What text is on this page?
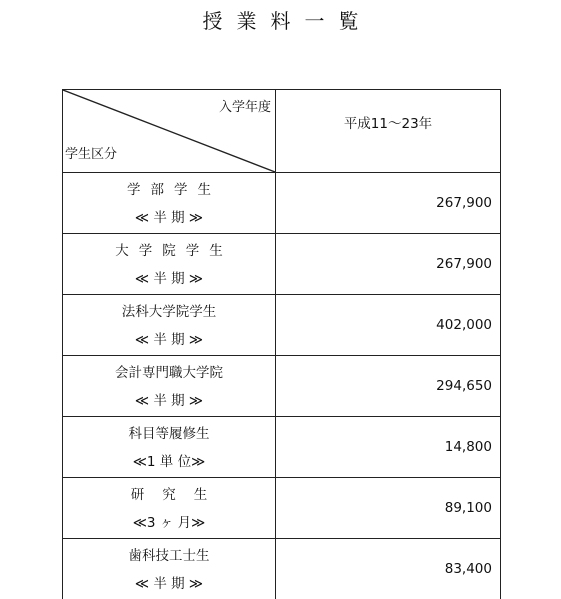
授業料一覧
入学年度
学生区分	平成11～23年

学部学生
≪ 半 期 ≫	267,900

大学院学生
≪ 半 期 ≫	267,900

法科大学院学生
≪ 半 期 ≫	402,000

会計専門職大学院
≪ 半 期 ≫	294,650

科目等履修生
≪1 単 位≫	14,800

研究生
≪3 ヶ 月≫	89,100

歯科技工士生
≪ 半 期 ≫	83,400
